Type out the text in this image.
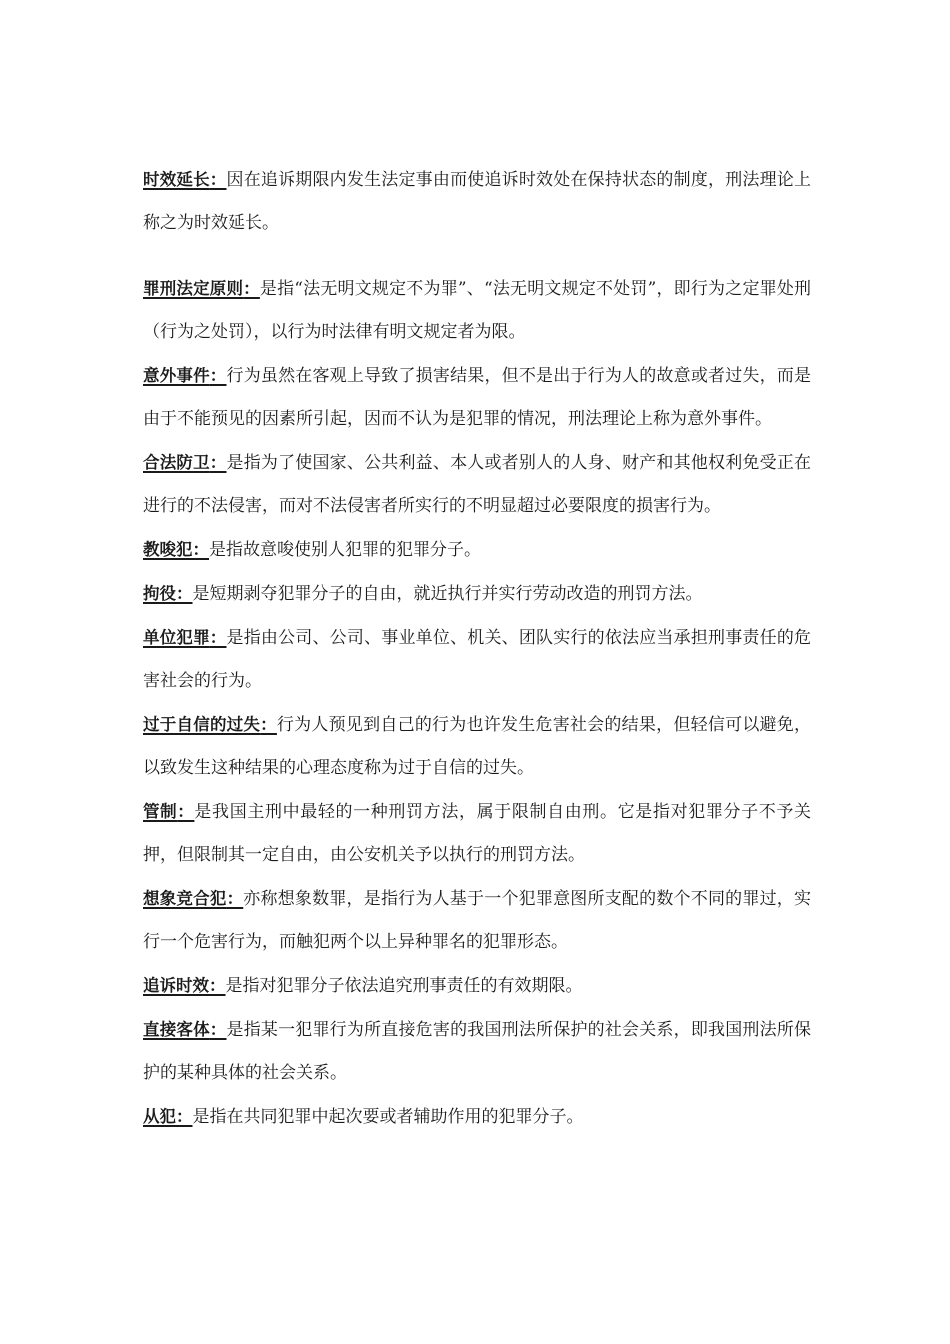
时效延长：因在追诉期限内发生法定事由而使追诉时效处在保持状态的制度，刑法理论上称之为时效延长。

罪刑法定原则：是指“法无明文规定不为罪”、“法无明文规定不处罚”，即行为之定罪处刑（行为之处罚），以行为时法律有明文规定者为限。

意外事件：行为虽然在客观上导致了损害结果，但不是出于行为人的故意或者过失，而是由于不能预见的因素所引起，因而不认为是犯罪的情况，刑法理论上称为意外事件。

合法防卫：是指为了使国家、公共利益、本人或者别人的人身、财产和其他权利免受正在进行的不法侵害，而对不法侵害者所实行的不明显超过必要限度的损害行为。

教唆犯：是指故意唆使别人犯罪的犯罪分子。

拘役：是短期剥夺犯罪分子的自由，就近执行并实行劳动改造的刑罚方法。

单位犯罪：是指由公司、公司、事业单位、机关、团队实行的依法应当承担刑事责任的危害社会的行为。

过于自信的过失：行为人预见到自己的行为也许发生危害社会的结果，但轻信可以避免，以致发生这种结果的心理态度称为过于自信的过失。

管制：是我国主刑中最轻的一种刑罚方法，属于限制自由刑。它是指对犯罪分子不予关押，但限制其一定自由，由公安机关予以执行的刑罚方法。

想象竞合犯：亦称想象数罪，是指行为人基于一个犯罪意图所支配的数个不同的罪过，实行一个危害行为，而触犯两个以上异种罪名的犯罪形态。

追诉时效：是指对犯罪分子依法追究刑事责任的有效期限。

直接客体：是指某一犯罪行为所直接危害的我国刑法所保护的社会关系，即我国刑法所保护的某种具体的社会关系。

从犯：是指在共同犯罪中起次要或者辅助作用的犯罪分子。
